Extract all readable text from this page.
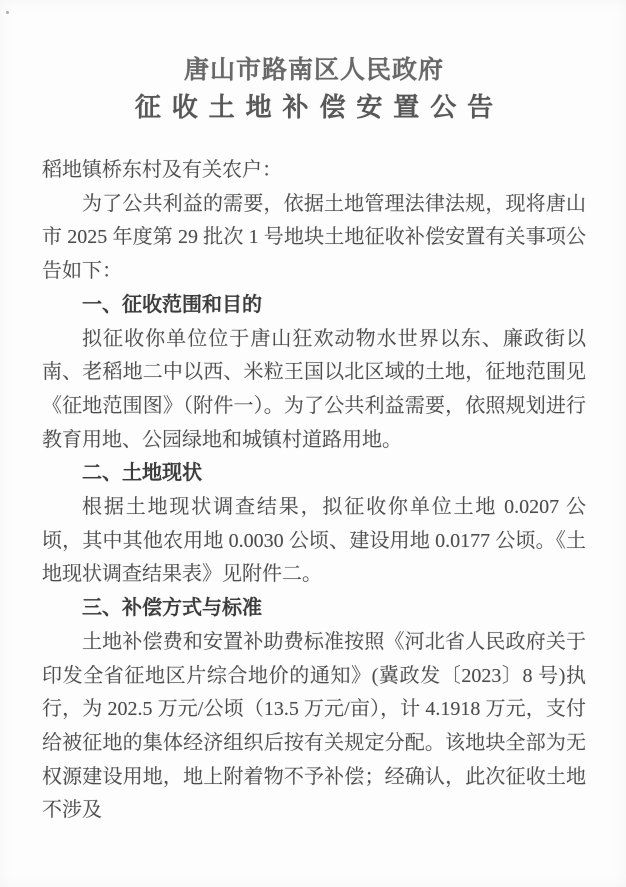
唐山市路南区人民政府
征收土地补偿安置公告

稻地镇桥东村及有关农户：

为了公共利益的需要，依据土地管理法律法规，现将唐山市 2025 年度第 29 批次 1 号地块土地征收补偿安置有关事项公告如下：

一、征收范围和目的

拟征收你单位位于唐山狂欢动物水世界以东、廉政街以南、老稻地二中以西、米粒王国以北区域的土地，征地范围见《征地范围图》（附件一）。为了公共利益需要，依照规划进行教育用地、公园绿地和城镇村道路用地。

二、土地现状

根据土地现状调查结果，拟征收你单位土地 0.0207 公顷，其中其他农用地 0.0030 公顷、建设用地 0.0177 公顷。《土地现状调查结果表》见附件二。

三、补偿方式与标准

土地补偿费和安置补助费标准按照《河北省人民政府关于印发全省征地区片综合地价的通知》(冀政发〔2023〕8 号)执行，为 202.5 万元/公顷（13.5 万元/亩），计 4.1918 万元，支付给被征地的集体经济组织后按有关规定分配。该地块全部为无权源建设用地，地上附着物不予补偿；经确认，此次征收土地不涉及
